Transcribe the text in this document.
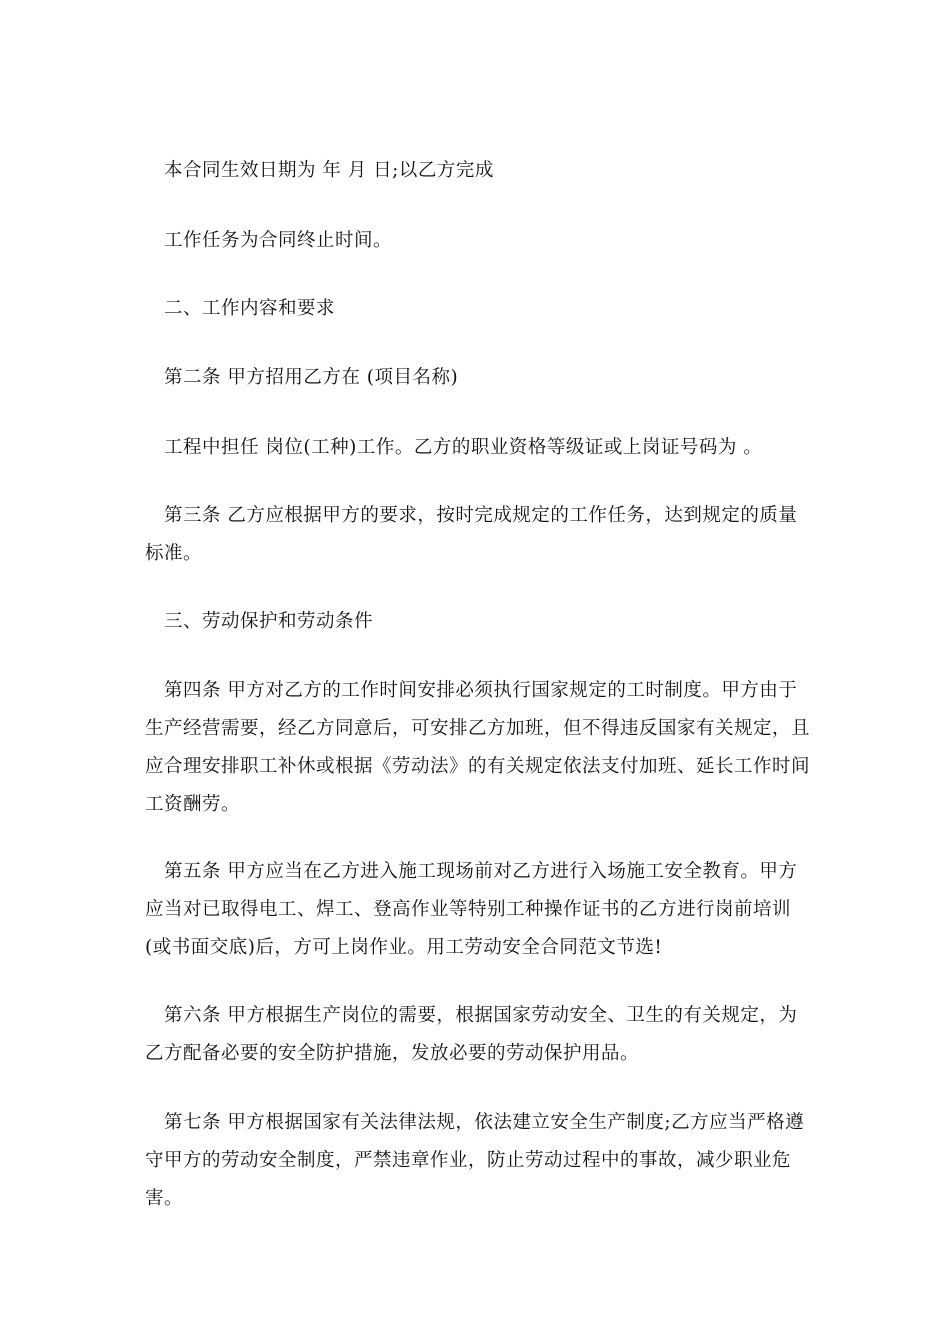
本合同生效日期为 年 月 日;以乙方完成

工作任务为合同终止时间。

二、工作内容和要求

第二条 甲方招用乙方在 (项目名称)

工程中担任 岗位(工种)工作。乙方的职业资格等级证或上岗证号码为 。

第三条 乙方应根据甲方的要求，按时完成规定的工作任务，达到规定的质量标准。

三、劳动保护和劳动条件

第四条 甲方对乙方的工作时间安排必须执行国家规定的工时制度。甲方由于生产经营需要，经乙方同意后，可安排乙方加班，但不得违反国家有关规定，且应合理安排职工补休或根据《劳动法》的有关规定依法支付加班、延长工作时间工资酬劳。

第五条 甲方应当在乙方进入施工现场前对乙方进行入场施工安全教育。甲方应当对已取得电工、焊工、登高作业等特别工种操作证书的乙方进行岗前培训(或书面交底)后，方可上岗作业。用工劳动安全合同范文节选!

第六条 甲方根据生产岗位的需要，根据国家劳动安全、卫生的有关规定，为乙方配备必要的安全防护措施，发放必要的劳动保护用品。

第七条 甲方根据国家有关法律法规，依法建立安全生产制度;乙方应当严格遵守甲方的劳动安全制度，严禁违章作业，防止劳动过程中的事故，减少职业危害。
